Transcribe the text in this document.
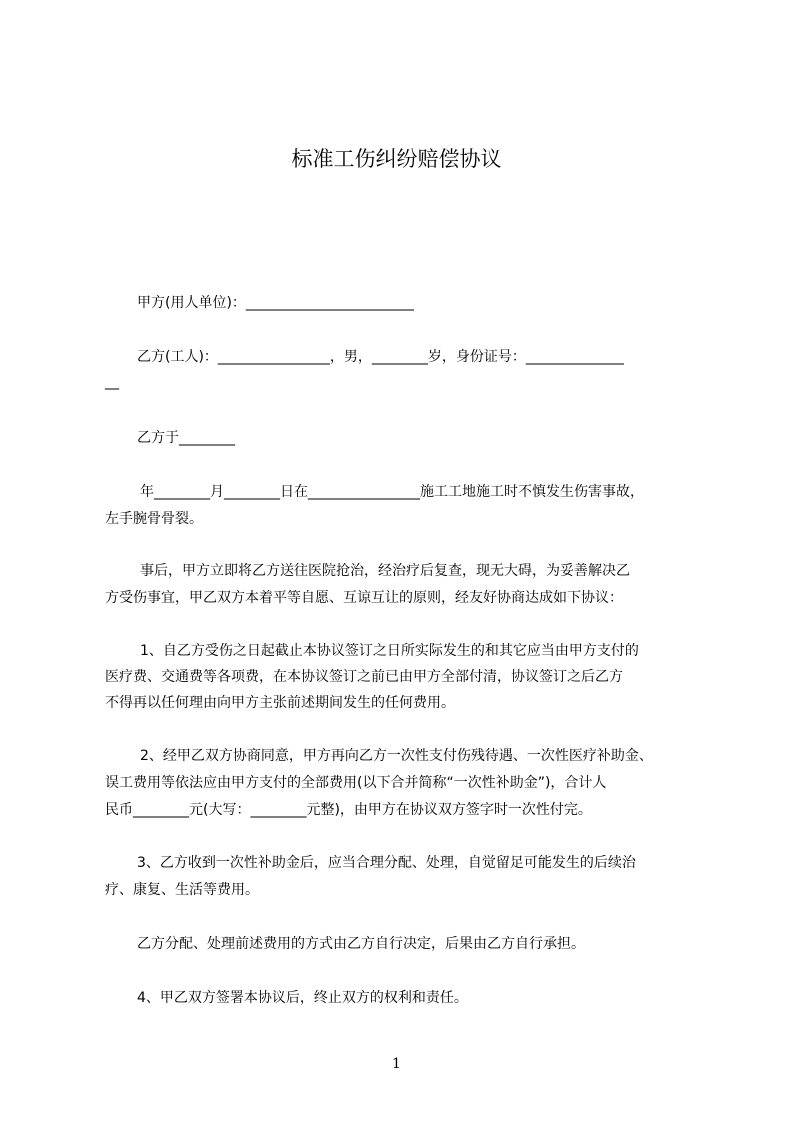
标准工伤纠纷赔偿协议
甲方(用人单位)：________________________
乙方(工人)：________________，男，________岁，身份证号：______________
__
乙方于________
年________月________日在________________施工工地施工时不慎发生伤害事故，
左手腕骨骨裂。
事后，甲方立即将乙方送往医院抢治，经治疗后复查，现无大碍，为妥善解决乙
方受伤事宜，甲乙双方本着平等自愿、互谅互让的原则，经友好协商达成如下协议：
1、自乙方受伤之日起截止本协议签订之日所实际发生的和其它应当由甲方支付的
医疗费、交通费等各项费，在本协议签订之前已由甲方全部付清，协议签订之后乙方
不得再以任何理由向甲方主张前述期间发生的任何费用。
2、经甲乙双方协商同意，甲方再向乙方一次性支付伤残待遇、一次性医疗补助金、
误工费用等依法应由甲方支付的全部费用(以下合并简称“一次性补助金”)，合计人
民币________元(大写：________元整)，由甲方在协议双方签字时一次性付完。
3、乙方收到一次性补助金后，应当合理分配、处理，自觉留足可能发生的后续治
疗、康复、生活等费用。
乙方分配、处理前述费用的方式由乙方自行决定，后果由乙方自行承担。
4、甲乙双方签署本协议后，终止双方的权利和责任。
1
